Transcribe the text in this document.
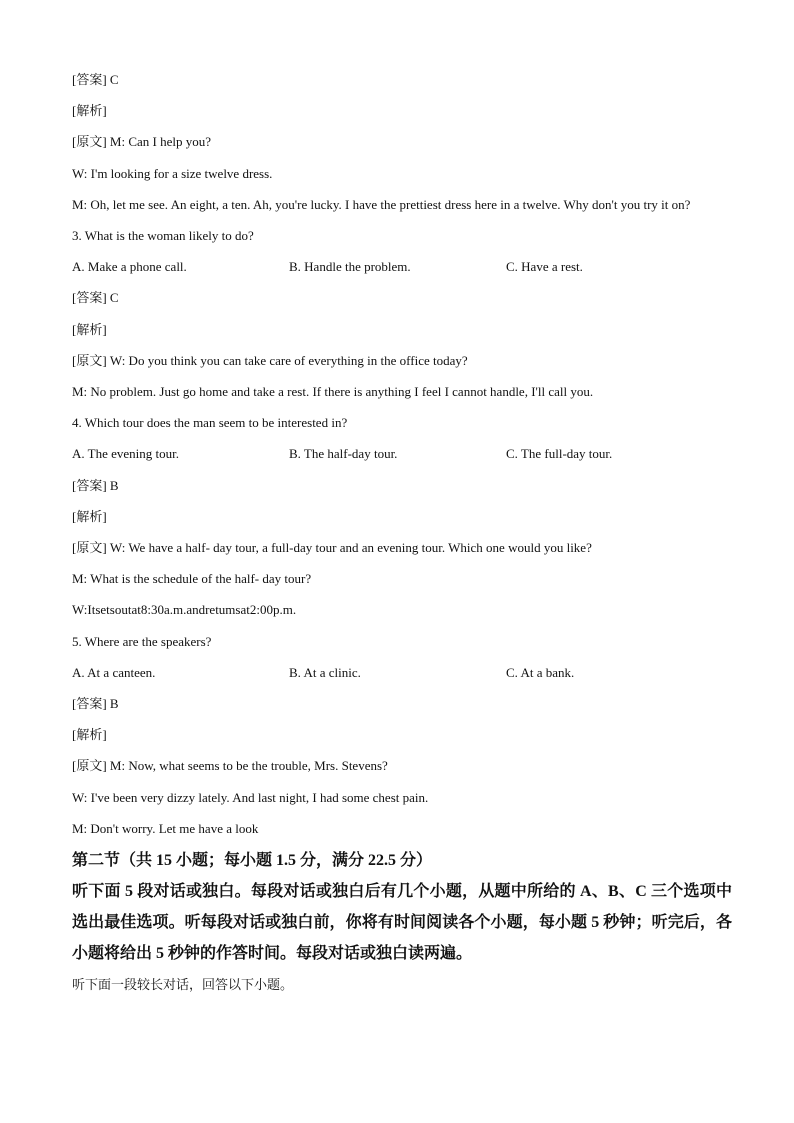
[答案] C
[解析]
[原文] M: Can I help you?
W: I'm looking for a size twelve dress.
M: Oh, let me see. An eight, a ten. Ah, you're lucky. I have the prettiest dress here in a twelve. Why don't you try it on?
3. What is the woman likely to do?
A. Make a phone call.	B. Handle the problem.	C. Have a rest.
[答案] C
[解析]
[原文] W: Do you think you can take care of everything in the office today?
M: No problem. Just go home and take a rest. If there is anything I feel I cannot handle, I'll call you.
4. Which tour does the man seem to be interested in?
A. The evening tour.	B. The half-day tour.	C. The full-day tour.
[答案] B
[解析]
[原文] W: We have a half- day tour, a full-day tour and an evening tour. Which one would you like?
M: What is the schedule of the half- day tour?
W:Itsetsoutat8:30a.m.andretumsat2:00p.m.
5. Where are the speakers?
A. At a canteen.	B. At a clinic.	C. At a bank.
[答案] B
[解析]
[原文] M: Now, what seems to be the trouble, Mrs. Stevens?
W: I've been very dizzy lately. And last night, I had some chest pain.
M: Don't worry. Let me have a look
第二节（共 15 小题；每小题 1.5 分，满分 22.5 分）
听下面 5 段对话或独白。每段对话或独白后有几个小题，从题中所给的 A、B、C 三个选项中选出最佳选项。听每段对话或独白前，你将有时间阅读各个小题，每小题 5 秒钟；听完后，各小题将给出 5 秒钟的作答时间。每段对话或独白读两遍。
听下面一段较长对话，回答以下小题。
